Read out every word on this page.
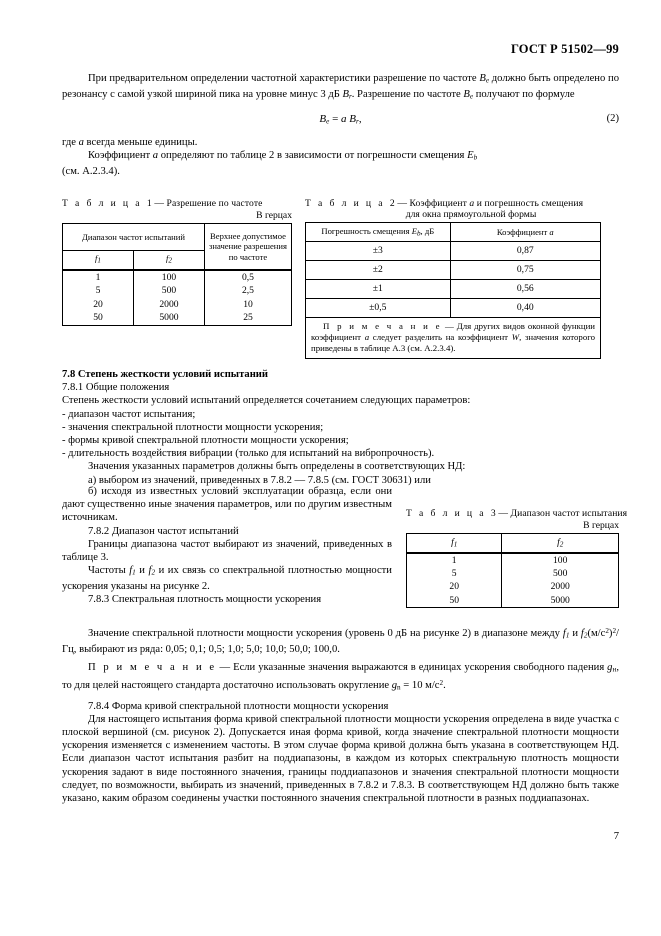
ГОСТ Р 51502—99

При предварительном определении частотной характеристики разрешение по частоте $B_e$ должно быть определено по резонансу с самой узкой шириной пика на уровне минус 3 дБ $B_r$. Разрешение по частоте $B_e$ получают по формуле

$B_e = a$ $B_r$,	(2)

где a всегда меньше единицы.

Коэффициент a определяют по таблице 2 в зависимости от погрешности смещения $E_b$

(см. А.2.3.4).

Т а б л и ц а 1 — Разрешение по частоте
В герцах
Диапазон частот испытаний		Верхнее допустимое значение разрешения по частоте
$f_1$	$f_2$
1	100	0,5
5	500	2,5
20	2000	10
50	5000	25
Т а б л и ц а 2 — Коэффициент a и погрешность смещения
для окна прямоугольной формы
Погрешность смещения $E_b$, дБ	Коэффициент a
±3	0,87
±2	0,75
±1	0,56
±0,5	0,40
П р и м е ч а н и е — Для других видов оконной функции коэффициент a следует разделить на коэффициент W, значения которого приведены в таблице А.3 (см. А.2.3.4).	

7.8 Степень жесткости условий испытаний

7.8.1 Общие положения

Степень жесткости условий испытаний определяется сочетанием следующих параметров:

- диапазон частот испытания;

- значения спектральной плотности мощности ускорения;

- формы кривой спектральной плотности мощности ускорения;

- длительность воздействия вибрации (только для испытаний на вибропрочность).

Значения указанных параметров должны быть определены в соответствующих НД:

а) выбором из значений, приведенных в 7.8.2 — 7.8.5 (см. ГОСТ 30631) или

б) исходя из известных условий эксплуатации образца, если они дают существенно иные значения параметров, или по другим известным источникам.

7.8.2 Диапазон частот испытаний

Границы диапазона частот выбирают из значений, приведенных в таблице 3.

Частоты $f_1$ и $f_2$ и их связь со спектральной плотностью мощности ускорения указаны на рисунке 2.

7.8.3 Спектральная плотность мощности ускорения

Т а б л и ц а 3 — Диапазон частот испытания
В герцах
$f_1$	$f_2$
1	100
5	500
20	2000
50	5000

Значение спектральной плотности мощности ускорения (уровень 0 дБ на рисунке 2) в диапазоне между $f_1$ и $f_2(м/с^2)^2/Гц$, выбирают из ряда: 0,05; 0,1; 0,5; 1,0; 5,0; 10,0; 50,0; 100,0.

П р и м е ч а н и е — Если указанные значения выражаются в единицах ускорения свободного падения $g_н$, то для целей настоящего стандарта достаточно использовать округление $g_n = 10$ $м/с^2$.

7.8.4 Форма кривой спектральной плотности мощности ускорения

Для настоящего испытания форма кривой спектральной плотности мощности ускорения определена в виде участка с плоской вершиной (см. рисунок 2). Допускается иная форма кривой, когда значение спектральной плотности мощности ускорения изменяется с изменением частоты. В этом случае форма кривой должна быть указана в соответствующем НД. Если диапазон частот испытания разбит на поддиапазоны, в каждом из которых спектральную плотность мощности ускорения задают в виде постоянного значения, границы поддиапазонов и значения спектральной плотности мощности следует, по возможности, выбирать из значений, приведенных в 7.8.2 и 7.8.3. В соответствующем НД должно быть также указано, каким образом соединены участки постоянного значения спектральной плотности в разных поддиапазонах.

7
